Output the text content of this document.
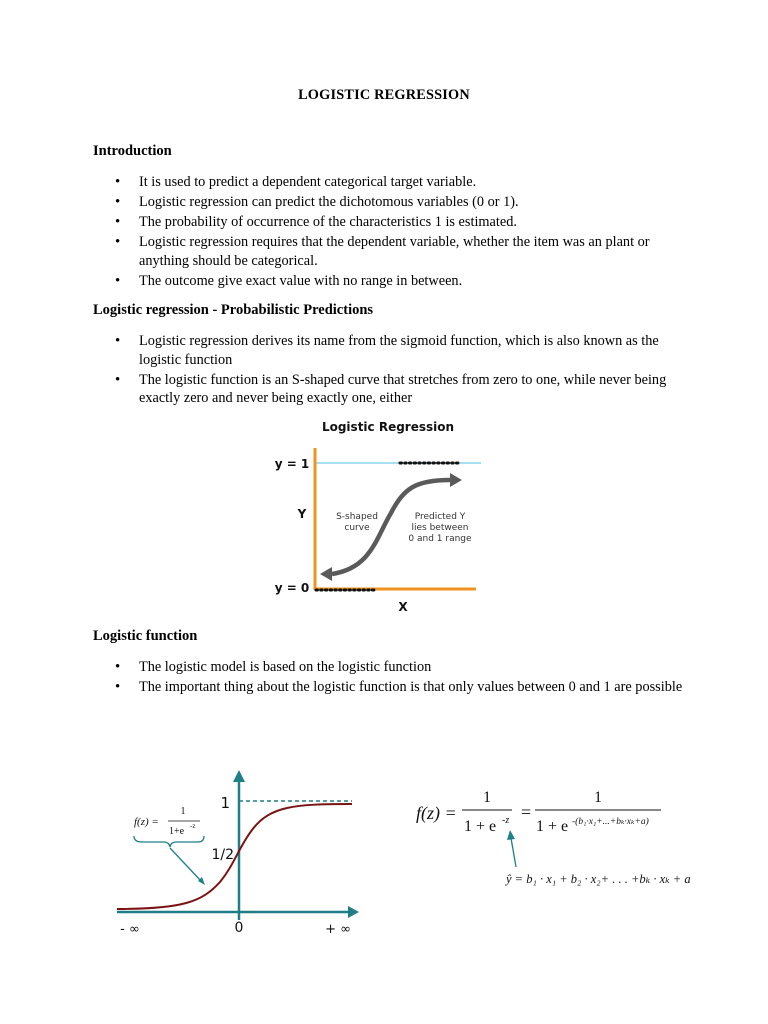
LOGISTIC REGRESSION
Introduction
• It is used to predict a dependent categorical target variable.
• Logistic regression can predict the dichotomous variables (0 or 1).
• The probability of occurrence of the characteristics 1 is estimated.
• Logistic regression requires that the dependent variable, whether the item was an plant or anything should be categorical.
• The outcome give exact value with no range in between.
Logistic regression - Probabilistic Predictions
• Logistic regression derives its name from the sigmoid function, which is also known as the logistic function
• The logistic function is an S-shaped curve that stretches from zero to one, while never being exactly zero and never being exactly one, either
Logistic Regression
y = 1
y = 0
Y
X
S-shaped
curve
Predicted Y
lies between
0 and 1 range
Logistic function
• The logistic model is based on the logistic function
• The important thing about the logistic function is that only values between 0 and 1 are possible
1
1/2
0
- ∞	+ ∞
f(z) =
1
1+e -z
f(z) =
1
1 + e -z =
1
1 + e -(b₁·x₁+...+bₖ·xₖ+a)
ŷ = b₁ · x₁ + b₂ · x₂+ . . . +bₖ · xₖ + a
